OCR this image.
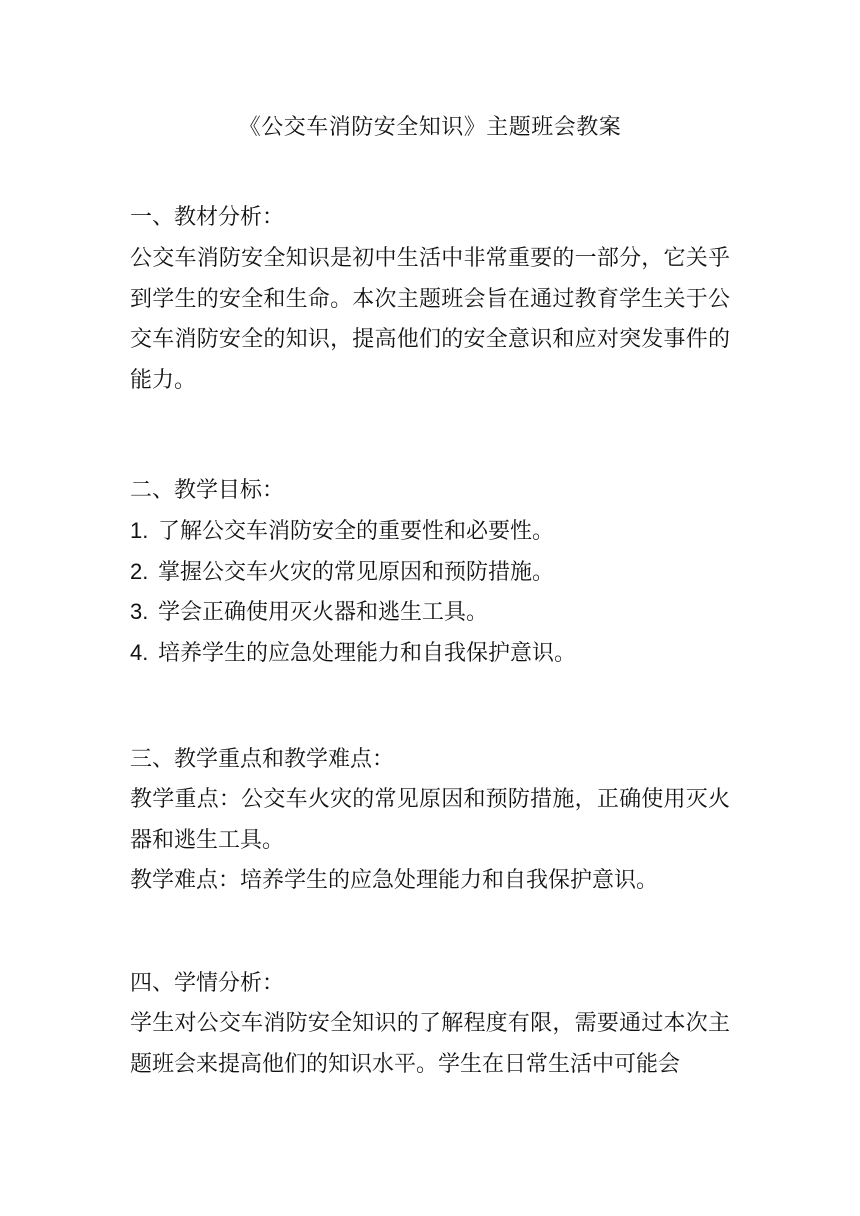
《公交车消防安全知识》主题班会教案
一、教材分析：
公交车消防安全知识是初中生活中非常重要的一部分，它关乎到学生的安全和生命。本次主题班会旨在通过教育学生关于公交车消防安全的知识，提高他们的安全意识和应对突发事件的能力。
二、教学目标：
1. 了解公交车消防安全的重要性和必要性。
2. 掌握公交车火灾的常见原因和预防措施。
3. 学会正确使用灭火器和逃生工具。
4. 培养学生的应急处理能力和自我保护意识。
三、教学重点和教学难点：
教学重点：公交车火灾的常见原因和预防措施，正确使用灭火器和逃生工具。
教学难点：培养学生的应急处理能力和自我保护意识。
四、学情分析：
学生对公交车消防安全知识的了解程度有限，需要通过本次主题班会来提高他们的知识水平。学生在日常生活中可能会
